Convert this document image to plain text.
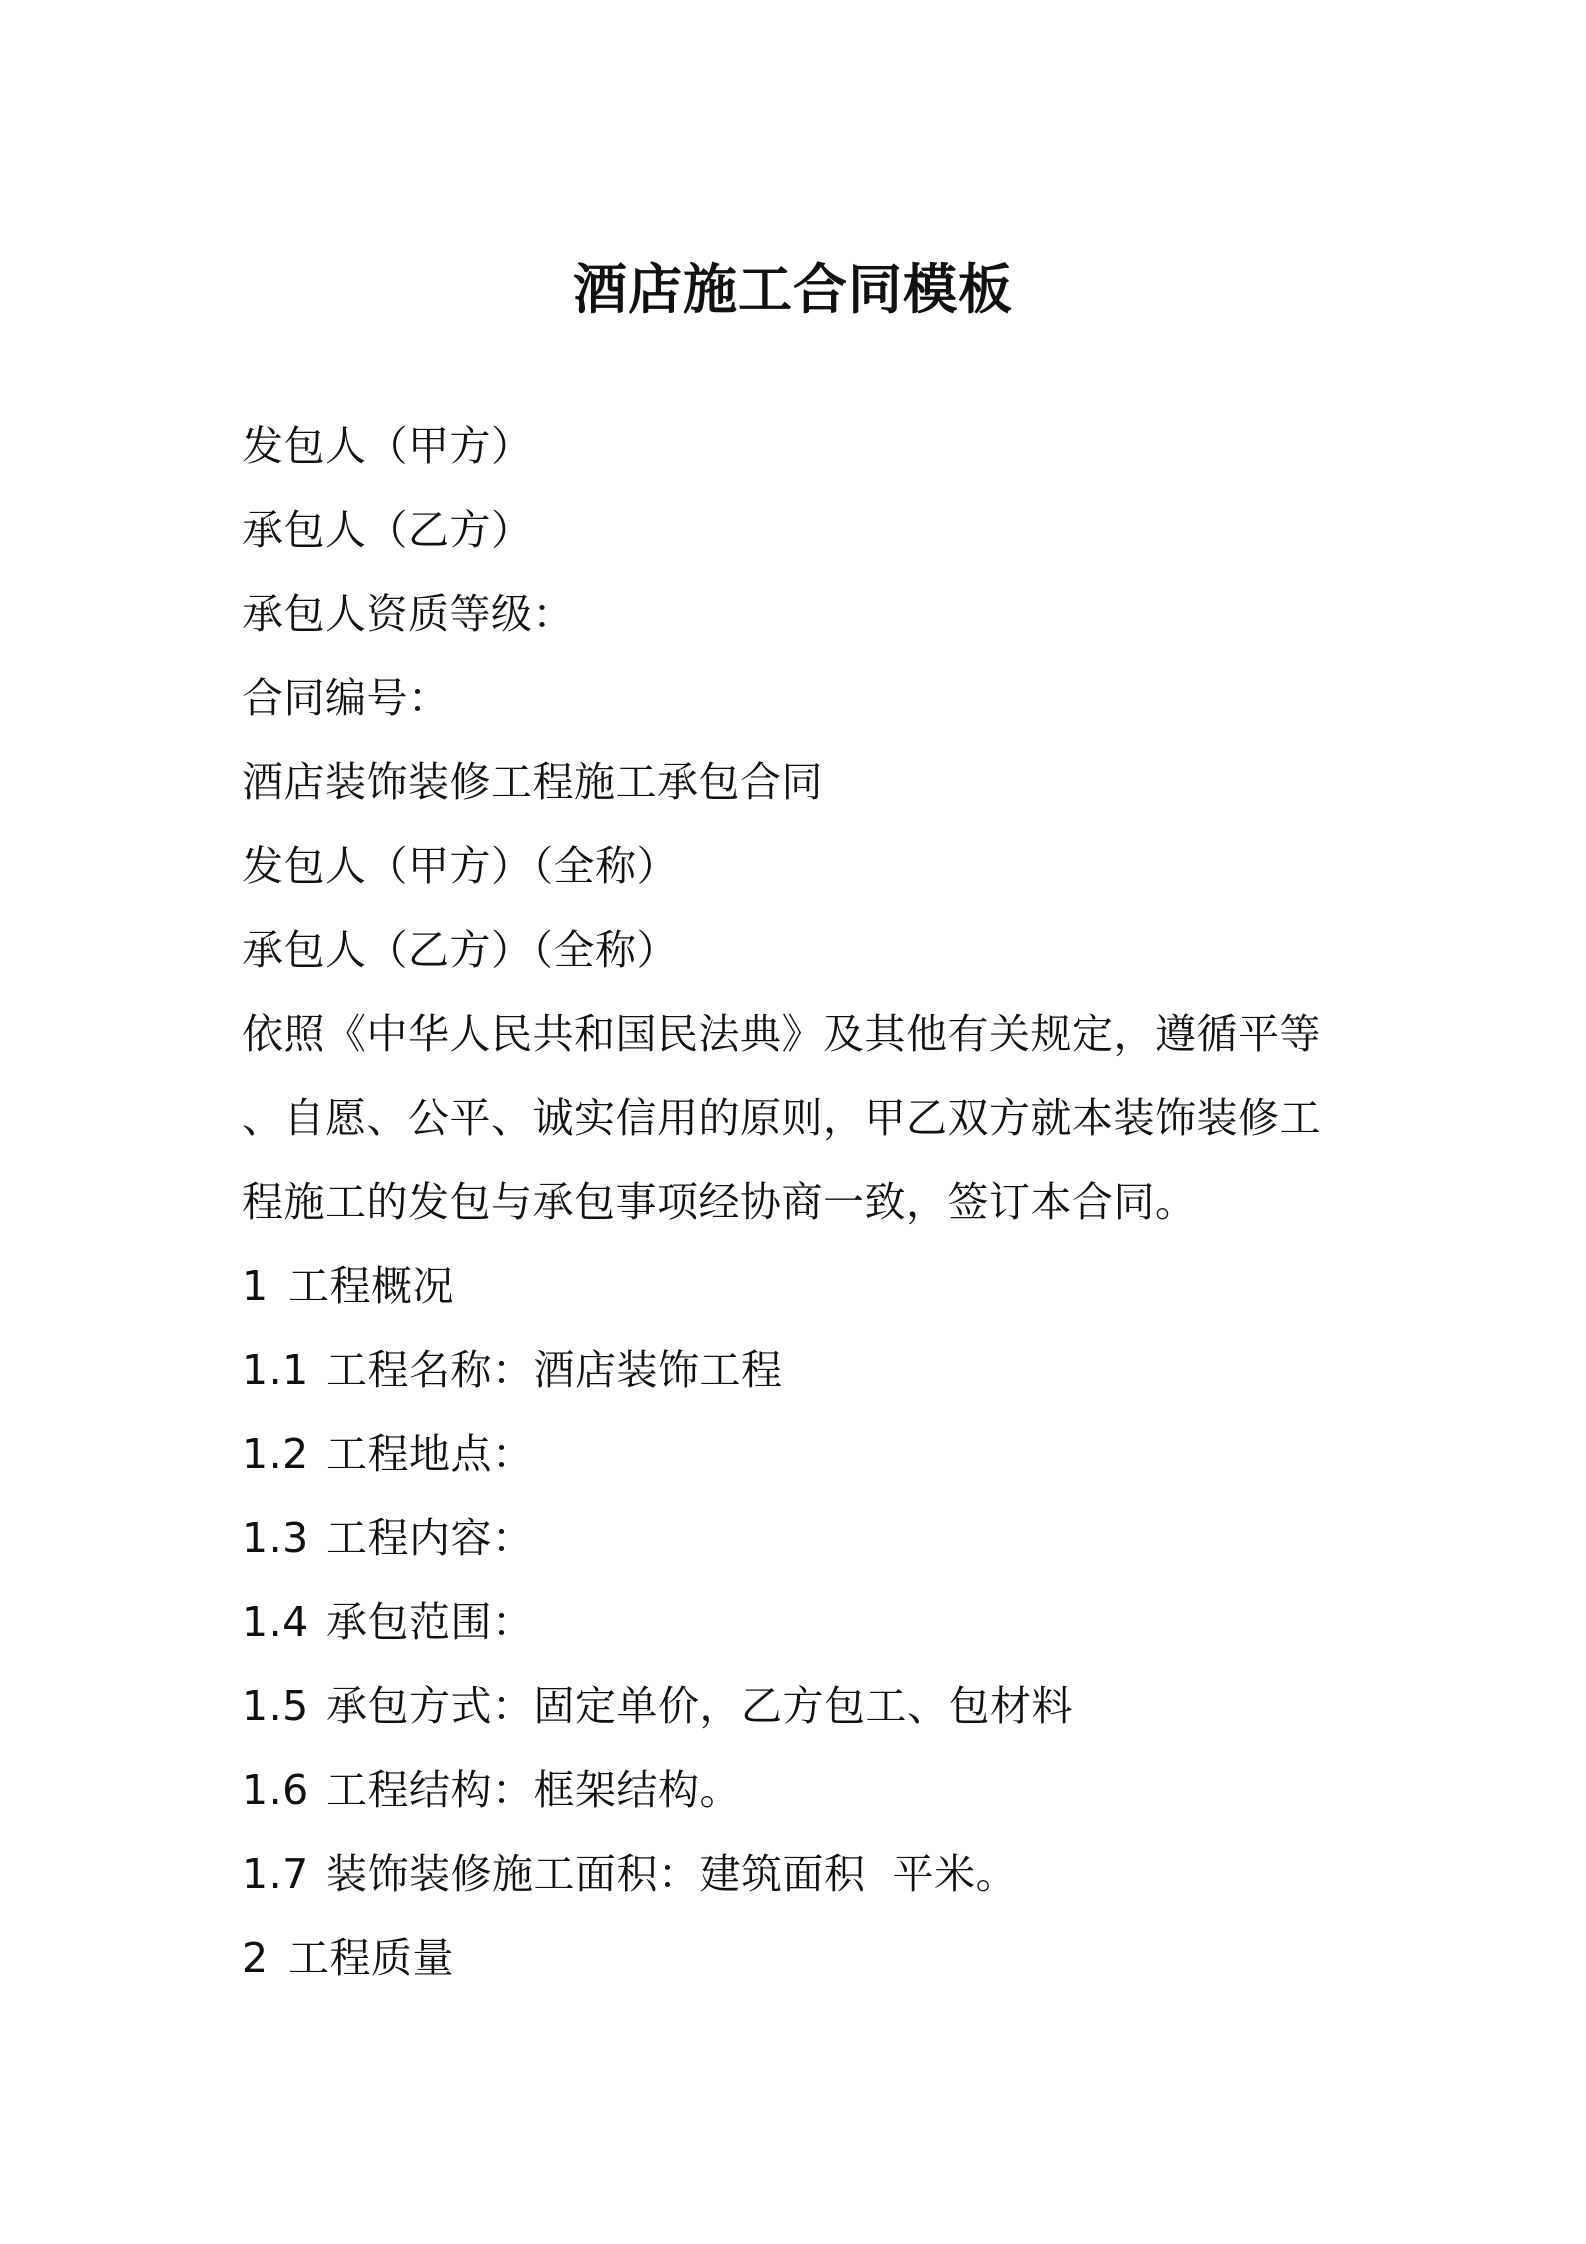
酒店施工合同模板

发包人（甲方）

承包人（乙方）

承包人资质等级：

合同编号：

酒店装饰装修工程施工承包合同

发包人（甲方）（全称）

承包人（乙方）（全称）

依照《中华人民共和国民法典》及其他有关规定，遵循平等

、自愿、公平、诚实信用的原则，甲乙双方就本装饰装修工

程施工的发包与承包事项经协商一致，签订本合同。

1 工程概况

1.1 工程名称：酒店装饰工程

1.2 工程地点：

1.3 工程内容：

1.4 承包范围：

1.5 承包方式：固定单价，乙方包工、包材料

1.6 工程结构：框架结构。

1.7 装饰装修施工面积：建筑面积  平米。

2 工程质量
